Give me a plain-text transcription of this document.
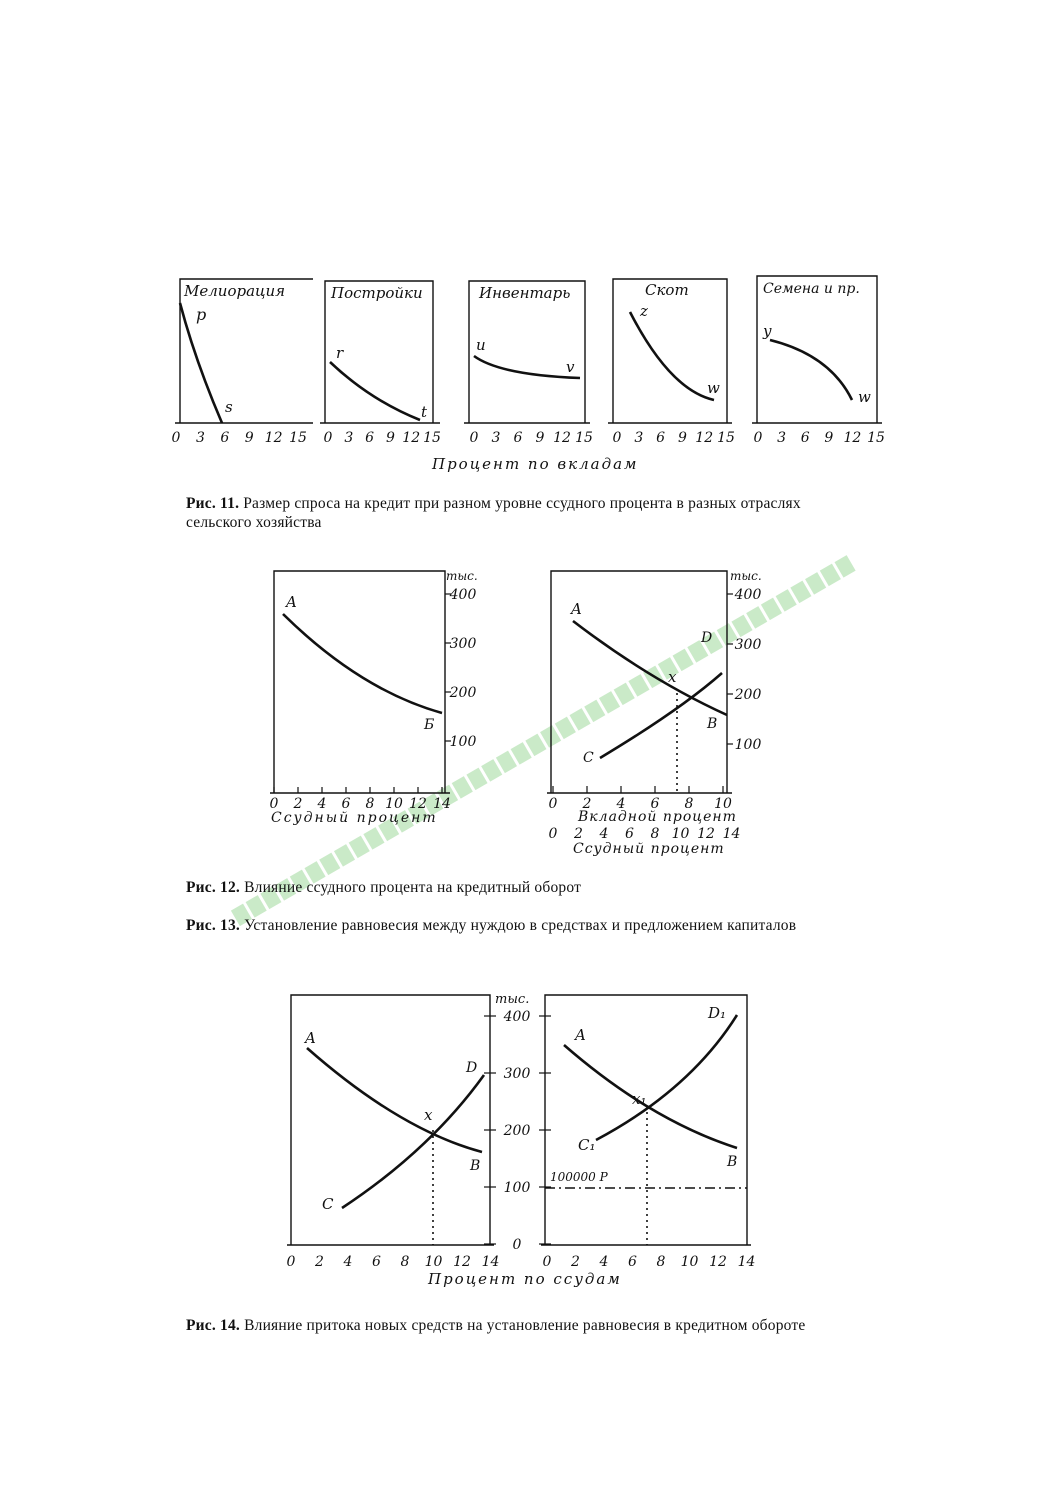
Мелиорация
p
s
Постройки
r
t
Инвентарь
u
v
Скот
z
w
Семена и пр.
y
w
0 3 6 9 12 15 0 3 6 9 12 15 0 3 6 9 12 15 0 3 6 9 12 15 0 3 6 9 12 15
Процент по вкладам
Рис. 11. Размер спроса на кредит при разном уровне ссудного процента в разных отраслях сельского хозяйства
тыс.
400
300
200
100
0 2 4 6 8 10 12 14
A
Б
Ссудный процент
тыс.
400
300
200
100
0 2 4 6 8 10
0 2 4 6 8 10 12 14
A
B
C
D
x
Вкладной процент
Ссудный процент
Рис. 12. Влияние ссудного процента на кредитный оборот
Рис. 13. Установление равновесия между нуждою в средствах и предложением капиталов
A
B
C
D
x
тыс.
400
300
200
100
0
A
B
C₁
D₁
x₁
100000 Р
0 2 4 6 8 10 12 14	0 2 4 6 8 10 12 14
Процент по ссудам
Рис. 14. Влияние притока новых средств на установление равновесия в кредитном обороте
